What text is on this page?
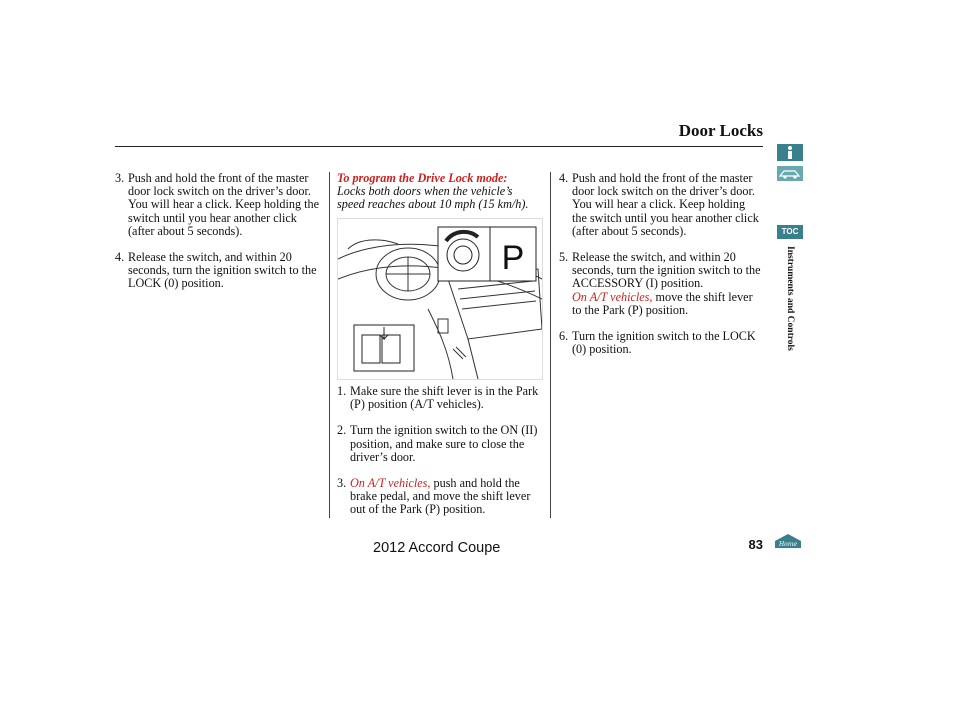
Door Locks
3. Push and hold the front of the master door lock switch on the driver’s door. You will hear a click. Keep holding the switch until you hear another click (after about 5 seconds).
4. Release the switch, and within 20 seconds, turn the ignition switch to the LOCK (0) position.
To program the Drive Lock mode:
Locks both doors when the vehicle’s speed reaches about 10 mph (15 km/h).
P
1. Make sure the shift lever is in the Park (P) position (A/T vehicles).
2. Turn the ignition switch to the ON (II) position, and make sure to close the driver’s door.
3. On A/T vehicles, push and hold the brake pedal, and move the shift lever out of the Park (P) position.
4. Push and hold the front of the master door lock switch on the driver’s door. You will hear a click. Keep holding the switch until you hear another click (after about 5 seconds).
5. Release the switch, and within 20 seconds, turn the ignition switch to the ACCESSORY (I) position.
On A/T vehicles, move the shift lever to the Park (P) position.
6. Turn the ignition switch to the LOCK (0) position.
TOC
Instruments and Controls
83
2012 Accord Coupe	Home
